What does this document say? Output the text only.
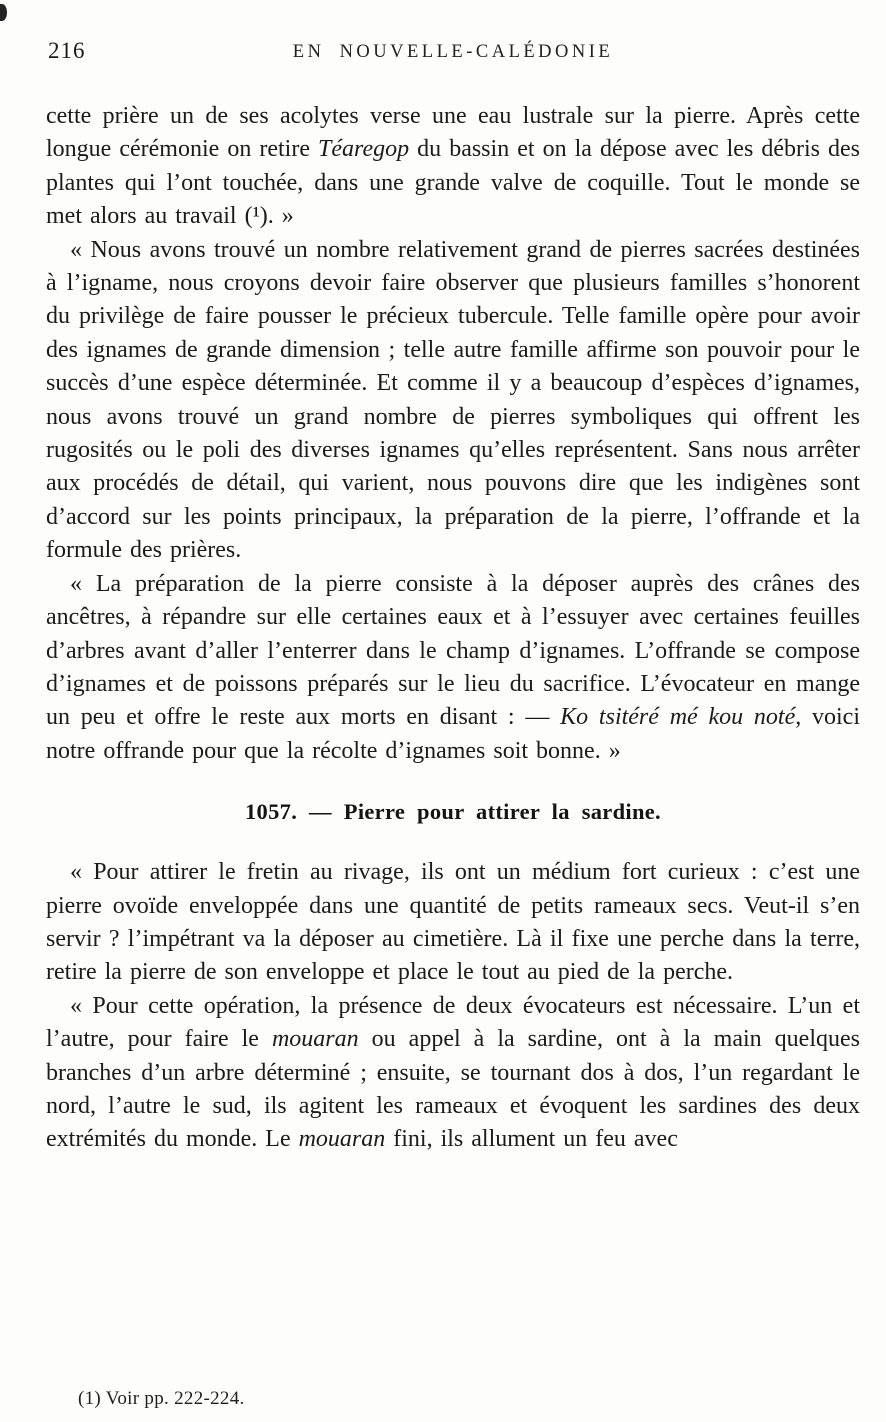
216	EN NOUVELLE-CALÉDONIE

cette prière un de ses acolytes verse une eau lustrale sur la pierre. Après cette longue cérémonie on retire Téaregop du bassin et on la dépose avec les débris des plantes qui l’ont touchée, dans une grande valve de coquille. Tout le monde se met alors au travail (¹). »

« Nous avons trouvé un nombre relativement grand de pierres sacrées destinées à l’igname, nous croyons devoir faire observer que plusieurs familles s’honorent du privilège de faire pousser le précieux tubercule. Telle famille opère pour avoir des ignames de grande dimension ; telle autre famille affirme son pouvoir pour le succès d’une espèce déterminée. Et comme il y a beaucoup d’espèces d’ignames, nous avons trouvé un grand nombre de pierres symboliques qui offrent les rugosités ou le poli des diverses ignames qu’elles représentent. Sans nous arrêter aux procédés de détail, qui varient, nous pouvons dire que les indigènes sont d’accord sur les points principaux, la préparation de la pierre, l’offrande et la formule des prières.

« La préparation de la pierre consiste à la déposer auprès des crânes des ancêtres, à répandre sur elle certaines eaux et à l’essuyer avec certaines feuilles d’arbres avant d’aller l’enterrer dans le champ d’ignames. L’offrande se compose d’ignames et de poissons préparés sur le lieu du sacrifice. L’évocateur en mange un peu et offre le reste aux morts en disant : — Ko tsitéré mé kou noté, voici notre offrande pour que la récolte d’ignames soit bonne. »

1057. — Pierre pour attirer la sardine.

« Pour attirer le fretin au rivage, ils ont un médium fort curieux : c’est une pierre ovoïde enveloppée dans une quantité de petits rameaux secs. Veut-il s’en servir ? l’impétrant va la déposer au cimetière. Là il fixe une perche dans la terre, retire la pierre de son enveloppe et place le tout au pied de la perche.

« Pour cette opération, la présence de deux évocateurs est nécessaire. L’un et l’autre, pour faire le mouaran ou appel à la sardine, ont à la main quelques branches d’un arbre déterminé ; ensuite, se tournant dos à dos, l’un regardant le nord, l’autre le sud, ils agitent les rameaux et évoquent les sardines des deux extrémités du monde. Le mouaran fini, ils allument un feu avec

(1) Voir pp. 222-224.
